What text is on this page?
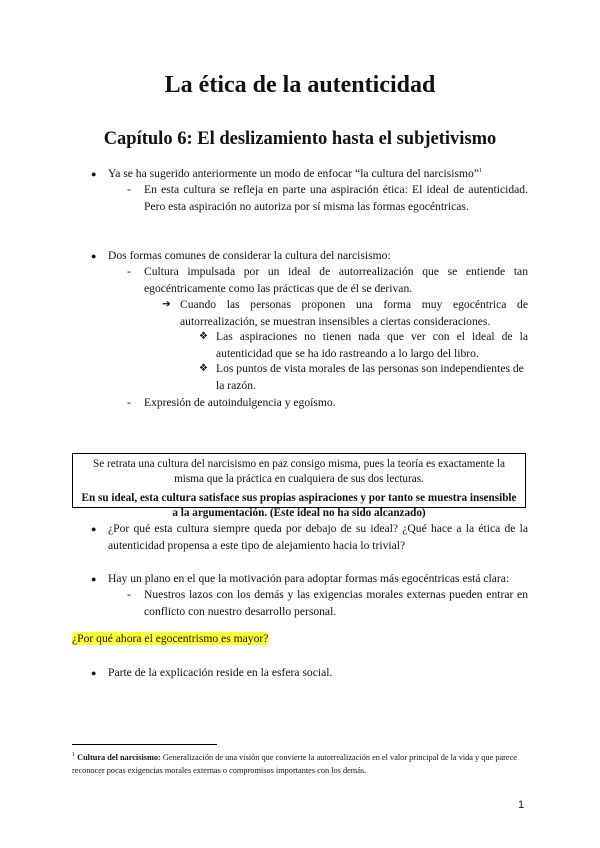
La ética de la autenticidad
Capítulo 6: El deslizamiento hasta el subjetivismo
● Ya se ha sugerido anteriormente un modo de enfocar “la cultura del narcisismo”$^1$
- En esta cultura se refleja en parte una aspiración ética: El ideal de autenticidad. Pero esta aspiración no autoriza por sí misma las formas egocéntricas.
● Dos formas comunes de considerar la cultura del narcisismo:
- Cultura impulsada por un ideal de autorrealización que se entiende tan egocéntricamente como las prácticas que de él se derivan.
➔ Cuando las personas proponen una forma muy egocéntrica de autorrealización, se muestran insensibles a ciertas consideraciones.
❖ Las aspiraciones no tienen nada que ver con el ideal de la autenticidad que se ha ido rastreando a lo largo del libro.
❖ Los puntos de vista morales de las personas son independientes de la razón.
- Expresión de autoindulgencia y egoísmo.
Se retrata una cultura del narcisismo en paz consigo misma, pues la teoría es exactamente la misma que la práctica en cualquiera de sus dos lecturas.
En su ideal, esta cultura satisface sus propias aspiraciones y por tanto se muestra insensible a la argumentación. (Este ideal no ha sido alcanzado)
● ¿Por qué esta cultura siempre queda por debajo de su ideal? ¿Qué hace a la ética de la autenticidad propensa a este tipo de alejamiento hacia lo trivial?
● Hay un plano en el que la motivación para adoptar formas más egocéntricas está clara:
- Nuestros lazos con los demás y las exigencias morales externas pueden entrar en conflicto con nuestro desarrollo personal.
¿Por qué ahora el egocentrismo es mayor?
● Parte de la explicación reside en la esfera social.
$^1$ Cultura del narcisismo: Generalización de una visión que convierte la autorrealización en el valor principal de la vida y que parece reconocer pocas exigencias morales externas o compromisos importantes con los demás.
1
